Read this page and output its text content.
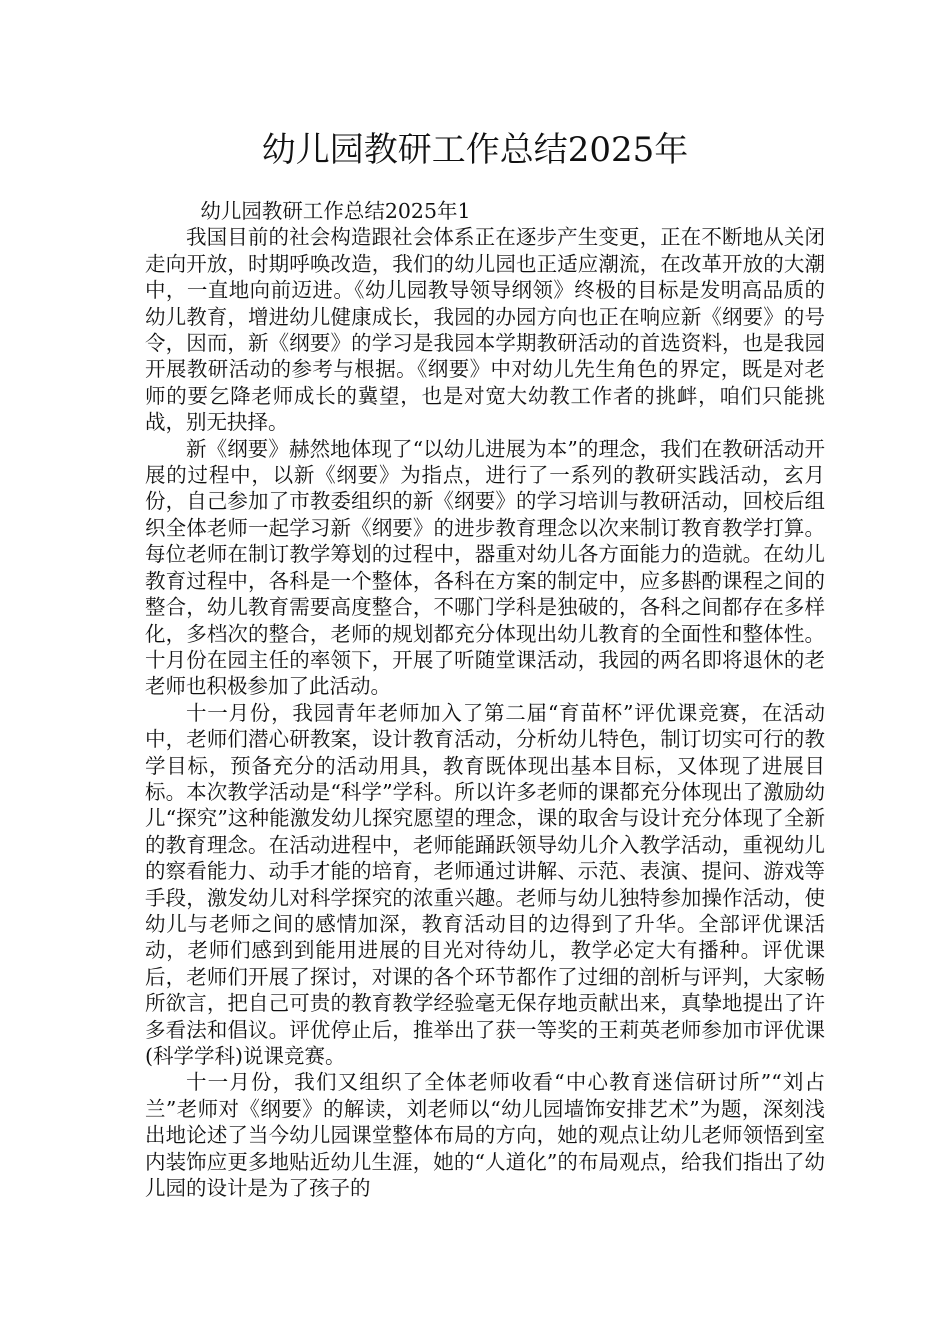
幼儿园教研工作总结2025年

幼儿园教研工作总结2025年1

我国目前的社会构造跟社会体系正在逐步产生变更，正在不断地从关闭走向开放，时期呼唤改造，我们的幼儿园也正适应潮流，在改革开放的大潮中，一直地向前迈进。《幼儿园教导领导纲领》终极的目标是发明高品质的幼儿教育，增进幼儿健康成长，我园的办园方向也正在响应新《纲要》的号令，因而，新《纲要》的学习是我园本学期教研活动的首选资料，也是我园开展教研活动的参考与根据。《纲要》中对幼儿先生角色的界定，既是对老师的要乞降老师成长的冀望，也是对宽大幼教工作者的挑衅，咱们只能挑战，别无抉择。

新《纲要》赫然地体现了“以幼儿进展为本”的理念，我们在教研活动开展的过程中，以新《纲要》为指点，进行了一系列的教研实践活动，玄月份，自己参加了市教委组织的新《纲要》的学习培训与教研活动，回校后组织全体老师一起学习新《纲要》的进步教育理念以次来制订教育教学打算。每位老师在制订教学筹划的过程中，器重对幼儿各方面能力的造就。在幼儿教育过程中，各科是一个整体，各科在方案的制定中，应多斟酌课程之间的整合，幼儿教育需要高度整合，不哪门学科是独破的，各科之间都存在多样化，多档次的整合，老师的规划都充分体现出幼儿教育的全面性和整体性。十月份在园主任的率领下，开展了听随堂课活动，我园的两名即将退休的老老师也积极参加了此活动。

十一月份，我园青年老师加入了第二届“育苗杯”评优课竞赛，在活动中，老师们潜心研教案，设计教育活动，分析幼儿特色，制订切实可行的教学目标，预备充分的活动用具，教育既体现出基本目标，又体现了进展目标。本次教学活动是“科学”学科。所以许多老师的课都充分体现出了激励幼儿“探究”这种能激发幼儿探究愿望的理念，课的取舍与设计充分体现了全新的教育理念。在活动进程中，老师能踊跃领导幼儿介入教学活动，重视幼儿的察看能力、动手才能的培育，老师通过讲解、示范、表演、提问、游戏等手段，激发幼儿对科学探究的浓重兴趣。老师与幼儿独特参加操作活动，使幼儿与老师之间的感情加深，教育活动目的边得到了升华。全部评优课活动，老师们感到到能用进展的目光对待幼儿，教学必定大有播种。评优课后，老师们开展了探讨，对课的各个环节都作了过细的剖析与评判，大家畅所欲言，把自己可贵的教育教学经验毫无保存地贡献出来，真挚地提出了许多看法和倡议。评优停止后，推举出了获一等奖的王莉英老师参加市评优课(科学学科)说课竞赛。

十一月份，我们又组织了全体老师收看“中心教育迷信研讨所”“刘占兰”老师对《纲要》的解读，刘老师以“幼儿园墙饰安排艺术”为题，深刻浅出地论述了当今幼儿园课堂整体布局的方向，她的观点让幼儿老师领悟到室内装饰应更多地贴近幼儿生涯，她的“人道化”的布局观点，给我们指出了幼儿园的设计是为了孩子的
